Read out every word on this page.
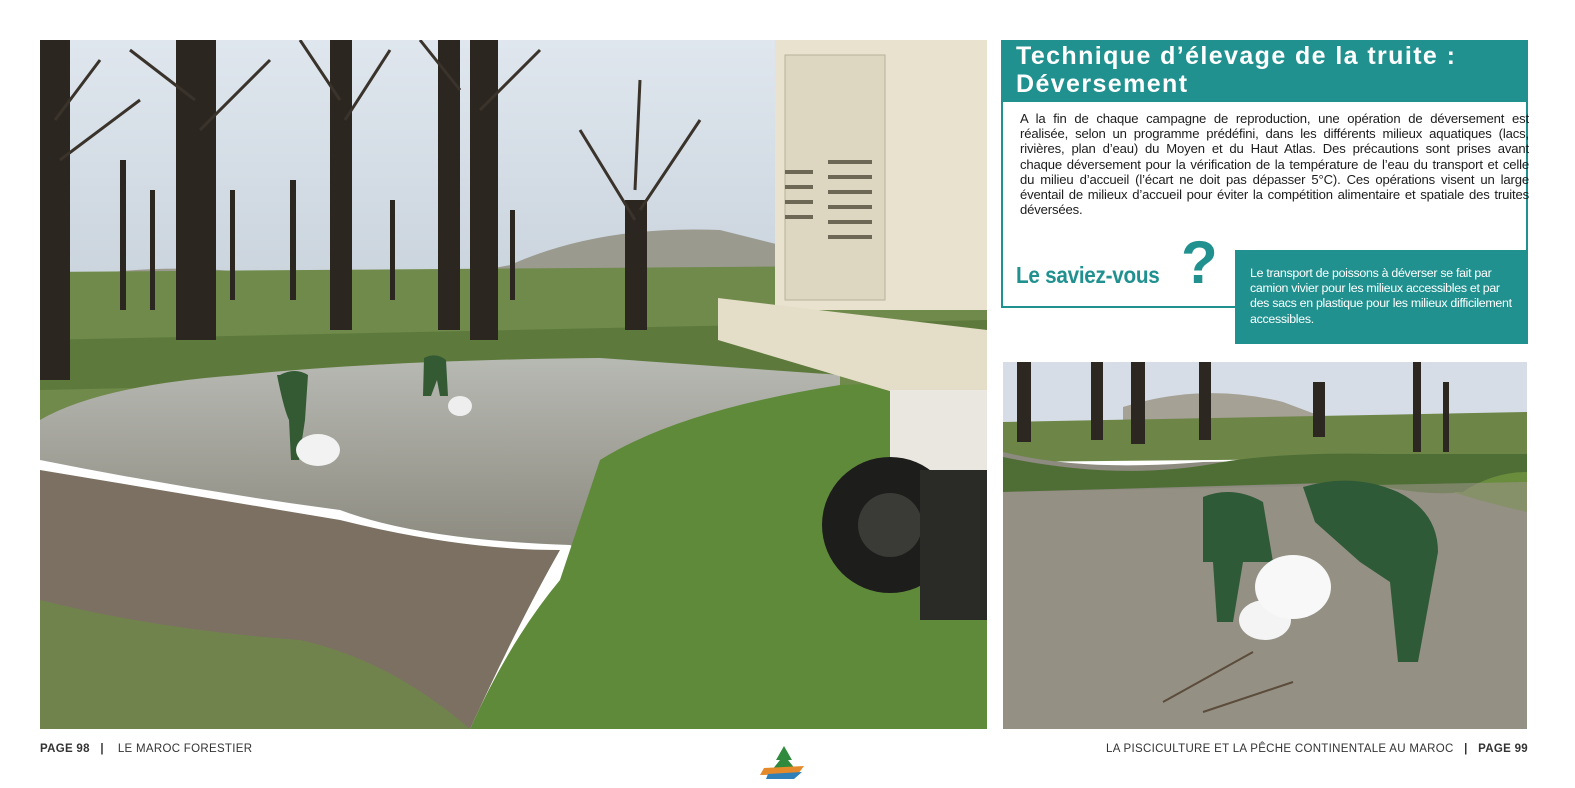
Technique d’élevage de la truite :
Déversement
A la fin de chaque campagne de reproduction, une opération de déversement est réalisée, selon un programme prédéfini, dans les différents milieux aquatiques (lacs, rivières, plan d’eau) du Moyen et du Haut Atlas. Des précautions sont prises avant chaque déversement pour la vérification de la température de l’eau du transport et celle du milieu d’accueil (l’écart ne doit pas dépasser 5°C). Ces opérations visent un large éventail de milieux d’accueil pour éviter la compétition alimentaire et spatiale des truites déversées.
Le saviez-vous ?	Le transport de poissons à déverser se fait par camion vivier pour les milieux accessibles et par des sacs en plastique pour les milieux difficilement accessibles.
PAGE 98 | LE MAROC FORESTIER	LA PISCICULTURE ET LA PÊCHE CONTINENTALE AU MAROC | PAGE 99
